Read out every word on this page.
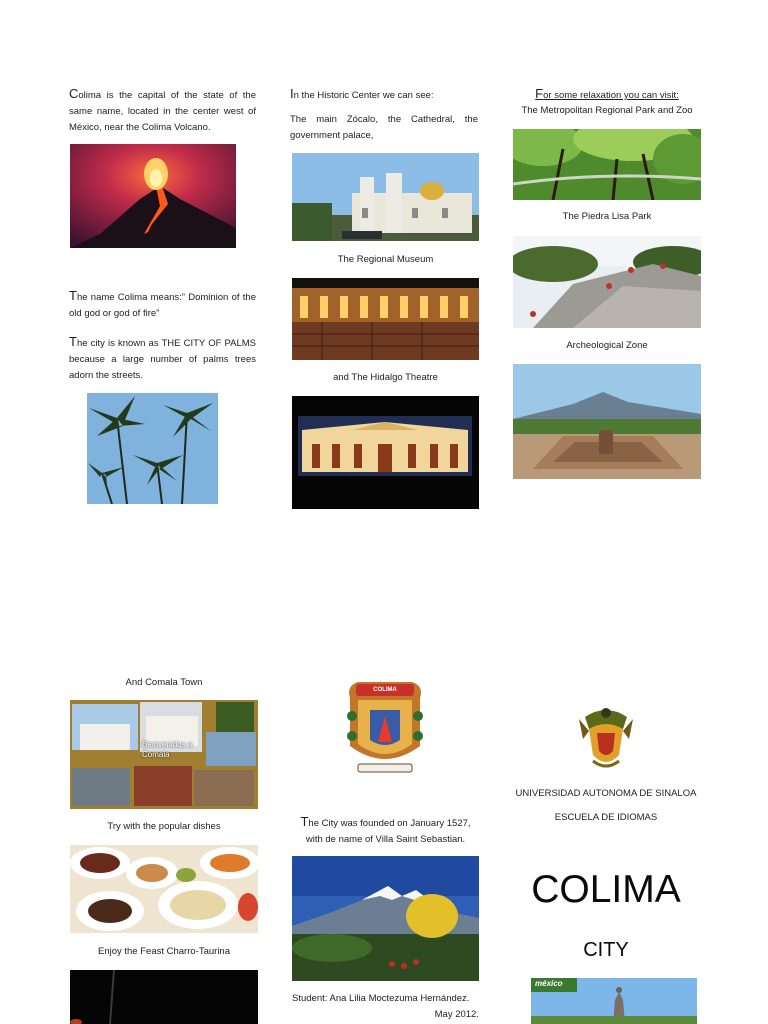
Colima is the capital of the state of the same name, located in the center west of México, near the Colima Volcano.
The name Colima means:” Dominion of the old god or god of fire”
The city is known as THE CITY OF PALMS because a large number of palms trees adorn the streets.
In the Historic Center we can see:
The main Zócalo, the Cathedral, the government palace,
The Regional Museum
and The Hidalgo Theatre
For some relaxation you can visit:
The Metropolitan Regional Park and Zoo
The Piedra Lisa Park
Archeological Zone
And Comala Town
Bienvenidos a Comala
Try with the popular dishes
Enjoy the Feast Charro-Taurina
COLIMA
The City was founded on January 1527, with de name of Villa Saint Sebastian.
Student: Ana Lilia Moctezuma Hernández.
May 2012.
UNIVERSIDAD AUTONOMA DE SINALOA
ESCUELA DE IDIOMAS
COLIMA
CITY
méxico
